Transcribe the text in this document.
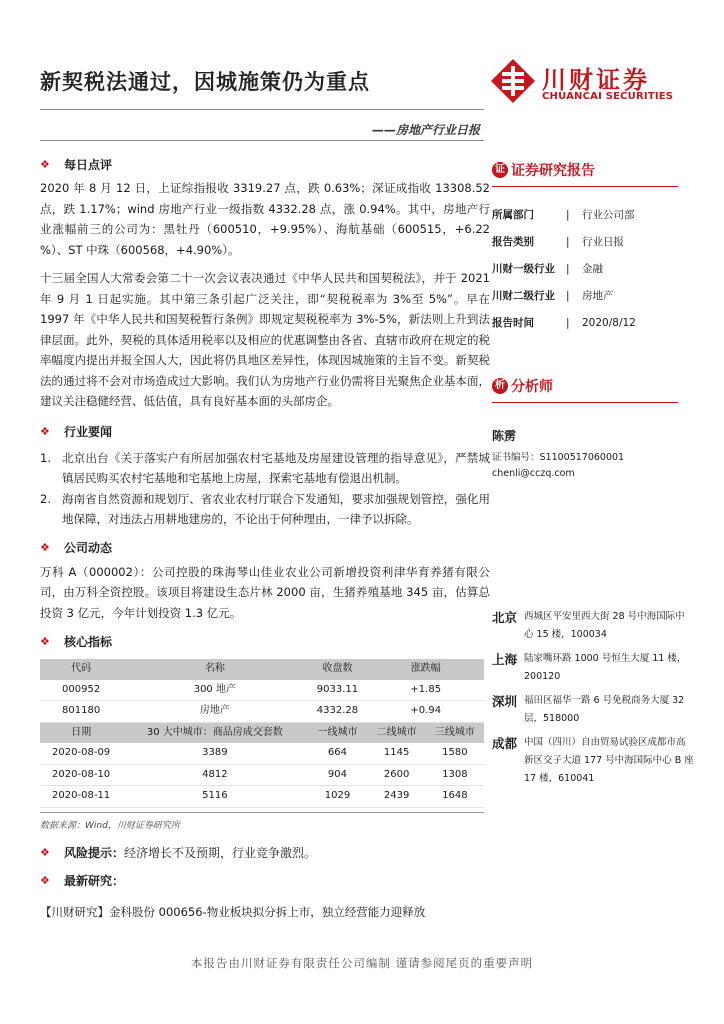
新契税法通过，因城施策仍为重点	川财证券
CHUANCAI SECURITIES
——房地产行业日报
❖	每日点评

2020 年 8 月 12 日，上证综指报收 3319.27 点，跌 0.63%；深证成指收 13308.52 点，跌 1.17%；wind 房地产行业一级指数 4332.28 点，涨 0.94%。其中，房地产行业涨幅前三的公司为：黑牡丹（600510，+9.95%）、海航基础（600515，+6.22 %）、ST 中珠（600568，+4.90%）。

十三届全国人大常委会第二十一次会议表决通过《中华人民共和国契税法》，并于 2021 年 9 月 1 日起实施。其中第三条引起广泛关注，即“契税税率为 3%至 5%”。早在 1997 年《中华人民共和国契税暂行条例》即规定契税税率为 3%-5%，新法则上升到法律层面。此外，契税的具体适用税率以及相应的优惠调整由各省、直辖市政府在规定的税率幅度内提出并报全国人大，因此将仍具地区差异性，体现因城施策的主旨不变。新契税法的通过将不会对市场造成过大影响。我们认为房地产行业仍需将目光聚焦企业基本面，建议关注稳健经营、低估值，具有良好基本面的头部房企。

❖	行业要闻
1. 北京出台《关于落实户有所居加强农村宅基地及房屋建设管理的指导意见》，严禁城镇居民购买农村宅基地和宅基地上房屋，探索宅基地有偿退出机制。
2. 海南省自然资源和规划厅、省农业农村厅联合下发通知，要求加强规划管控，强化用地保障，对违法占用耕地建房的，不论出于何种理由，一律予以拆除。
❖	公司动态

万科 A（000002）：公司控股的珠海琴山佳业农业公司新增投资利津华育养猪有限公司，由万科全资控股。该项目将建设生态片林 2000 亩，生猪养殖基地 345 亩，估算总投资 3 亿元，今年计划投资 1.3 亿元。

❖	核心指标
代码	名称	收盘数	涨跌幅	
000952	300 地产	9033.11	+1.85	
801180	房地产	4332.28	+0.94	
日期	30 大中城市：商品房成交套数	一线城市	二线城市	三线城市
2020-08-09	3389	664	1145	1580
2020-08-10	4812	904	2600	1308
2020-08-11	5116	1029	2439	1648
数据来源：Wind，川财证券研究所
❖	风险提示： 经济增长不及预期，行业竞争激烈。
❖	最新研究：
【川财研究】金科股份 000656-物业板块拟分拆上市，独立经营能力迎释放
证 证券研究报告
所属部门	|	行业公司部
报告类别	|	行业日报
川财一级行业	|	金融
川财二级行业	|	房地产
报告时间	|	2020/8/12
析 分析师
陈雳
证书编号：S1100517060001
chenli@cczq.com
北京 西城区平安里西大街 28 号中海国际中心 15 楼，100034
上海 陆家嘴环路 1000 号恒生大厦 11 楼，200120
深圳 福田区福华一路 6 号免税商务大厦 32 层，518000
成都 中国（四川）自由贸易试验区成都市高新区交子大道 177 号中海国际中心 B 座 17 楼，610041
本报告由川财证券有限责任公司编制 谨请参阅尾页的重要声明
